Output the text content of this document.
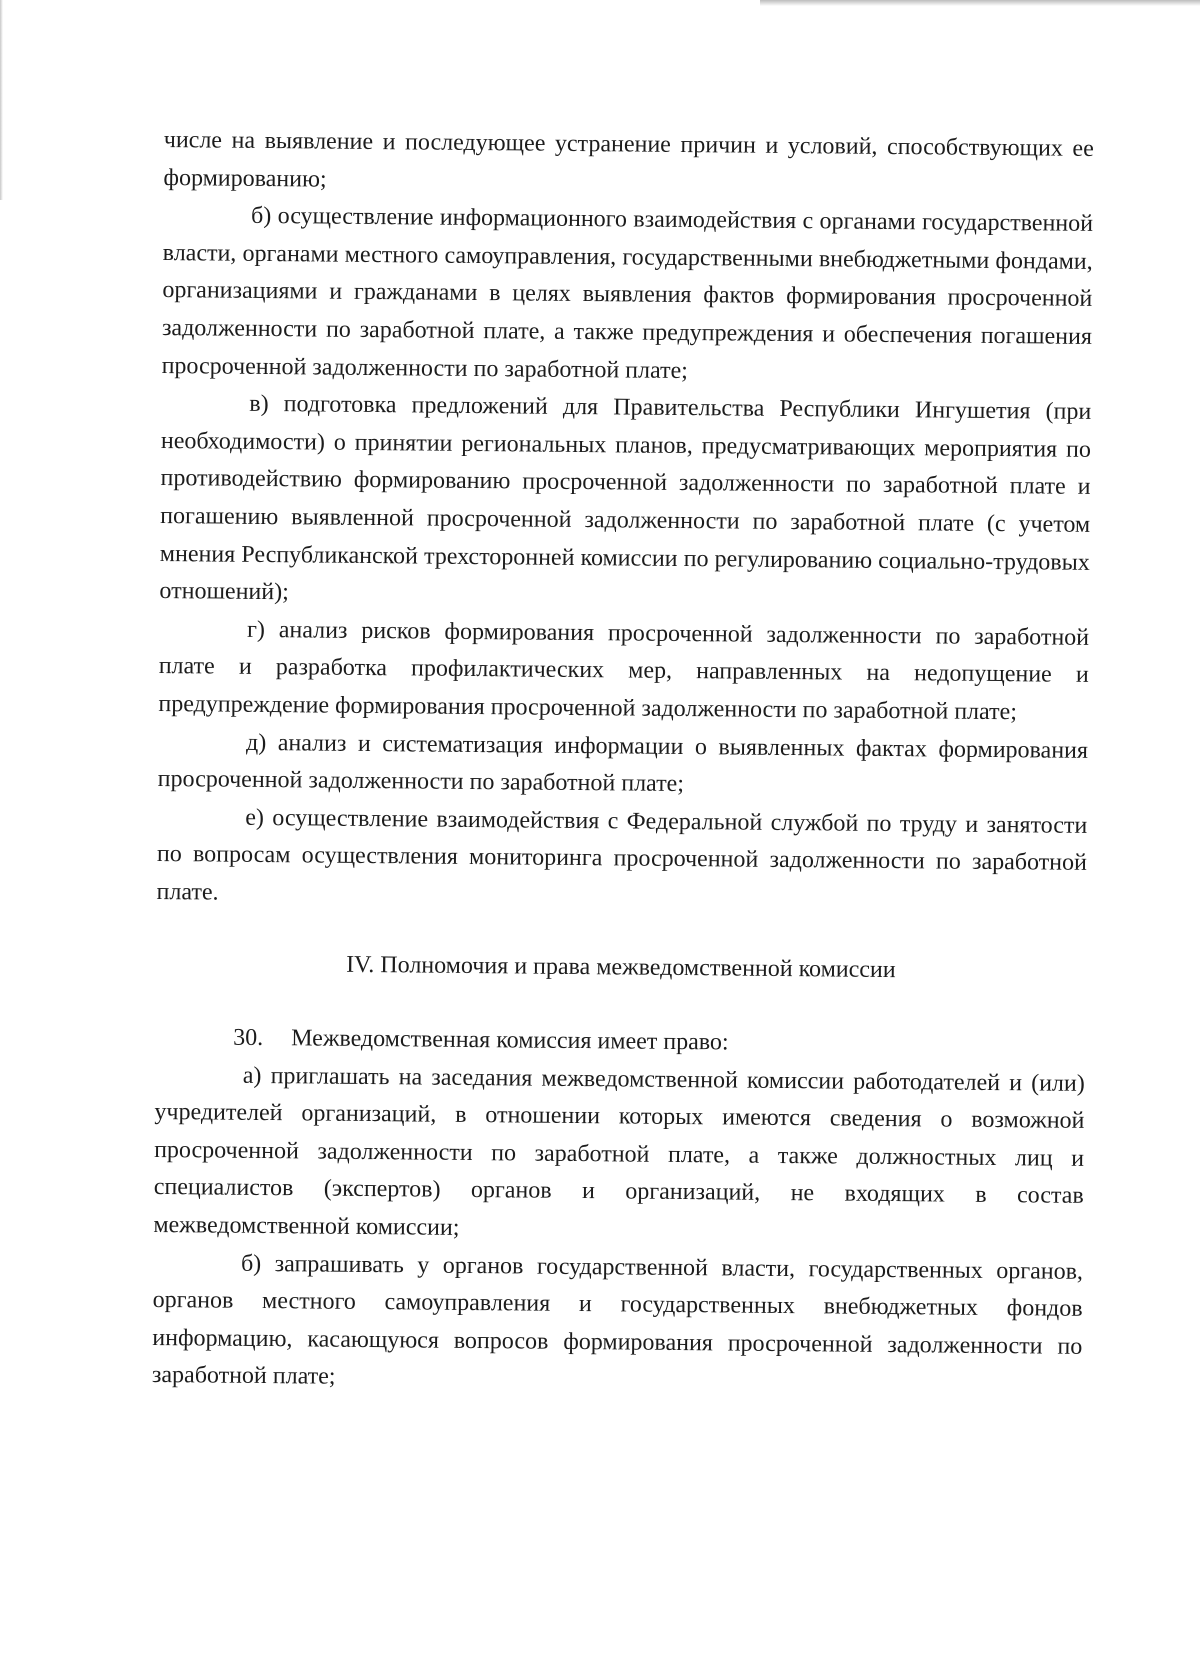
числе на выявление и последующее устранение причин и условий, способствующих ее формированию;

б) осуществление информационного взаимодействия с органами государственной власти, органами местного самоуправления, государственными внебюджетными фондами, организациями и гражданами в целях выявления фактов формирования просроченной задолженности по заработной плате, а также предупреждения и обеспечения погашения просроченной задолженности по заработной плате;

в) подготовка предложений для Правительства Республики Ингушетия (при необходимости) о принятии региональных планов, предусматривающих мероприятия по противодействию формированию просроченной задолженности по заработной плате и погашению выявленной просроченной задолженности по заработной плате (с учетом мнения Республиканской трехсторонней комиссии по регулированию социально-трудовых отношений);

г) анализ рисков формирования просроченной задолженности по заработной плате и разработка профилактических мер, направленных на недопущение и предупреждение формирования просроченной задолженности по заработной плате;

д) анализ и систематизация информации о выявленных фактах формирования просроченной задолженности по заработной плате;

е) осуществление взаимодействия с Федеральной службой по труду и занятости по вопросам осуществления мониторинга просроченной задолженности по заработной плате.

IV. Полномочия и права межведомственной комиссии

30. Межведомственная комиссия имеет право:

а) приглашать на заседания межведомственной комиссии работодателей и (или) учредителей организаций, в отношении которых имеются сведения о возможной просроченной задолженности по заработной плате, а также должностных лиц и специалистов (экспертов) органов и организаций, не входящих в состав межведомственной комиссии;

б) запрашивать у органов государственной власти, государственных органов, органов местного самоуправления и государственных внебюджетных фондов информацию, касающуюся вопросов формирования просроченной задолженности по заработной плате;
